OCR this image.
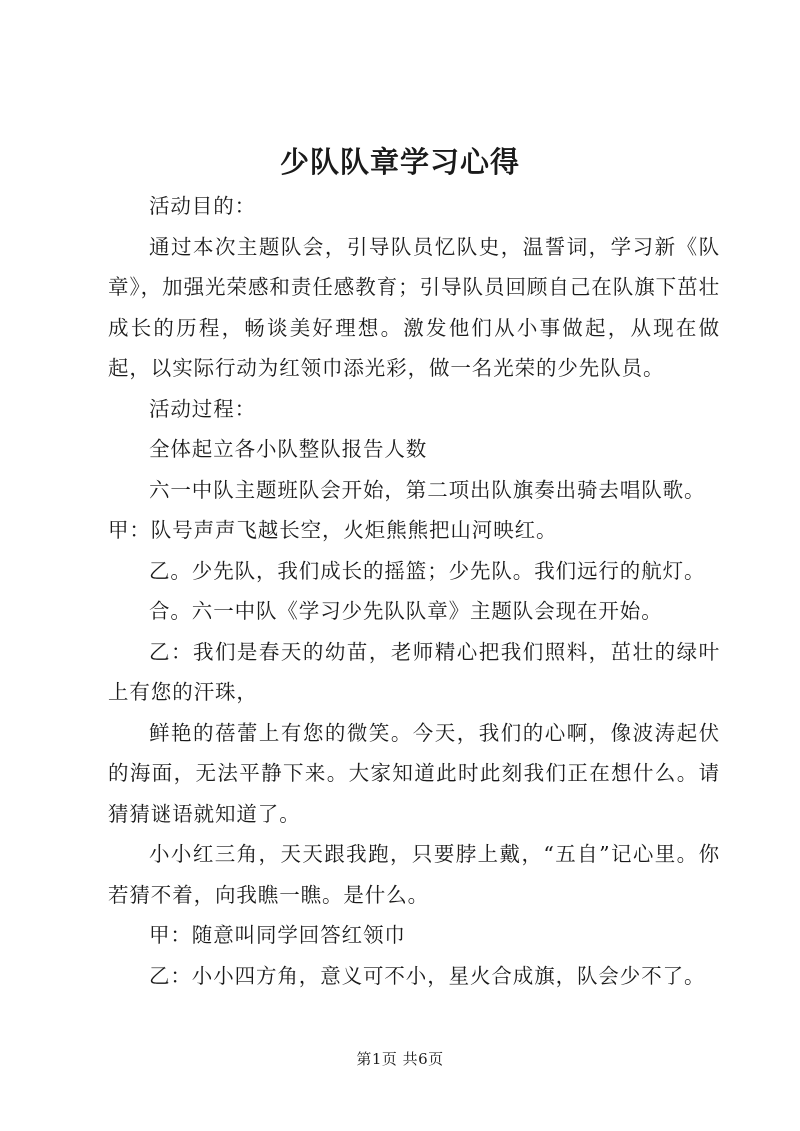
少队队章学习心得

活动目的：

通过本次主题队会，引导队员忆队史，温誓词，学习新《队章》，加强光荣感和责任感教育；引导队员回顾自己在队旗下茁壮成长的历程，畅谈美好理想。激发他们从小事做起，从现在做起，以实际行动为红领巾添光彩，做一名光荣的少先队员。

活动过程：

全体起立各小队整队报告人数

六一中队主题班队会开始，第二项出队旗奏出骑去唱队歌。

甲：队号声声飞越长空，火炬熊熊把山河映红。

乙。少先队，我们成长的摇篮；少先队。我们远行的航灯。

合。六一中队《学习少先队队章》主题队会现在开始。

乙：我们是春天的幼苗，老师精心把我们照料，茁壮的绿叶上有您的汗珠，

鲜艳的蓓蕾上有您的微笑。今天，我们的心啊，像波涛起伏的海面，无法平静下来。大家知道此时此刻我们正在想什么。请猜猜谜语就知道了。

小小红三角，天天跟我跑，只要脖上戴，“五自”记心里。你若猜不着，向我瞧一瞧。是什么。

甲：随意叫同学回答红领巾

乙：小小四方角，意义可不小，星火合成旗，队会少不了。

第1页 共6页
